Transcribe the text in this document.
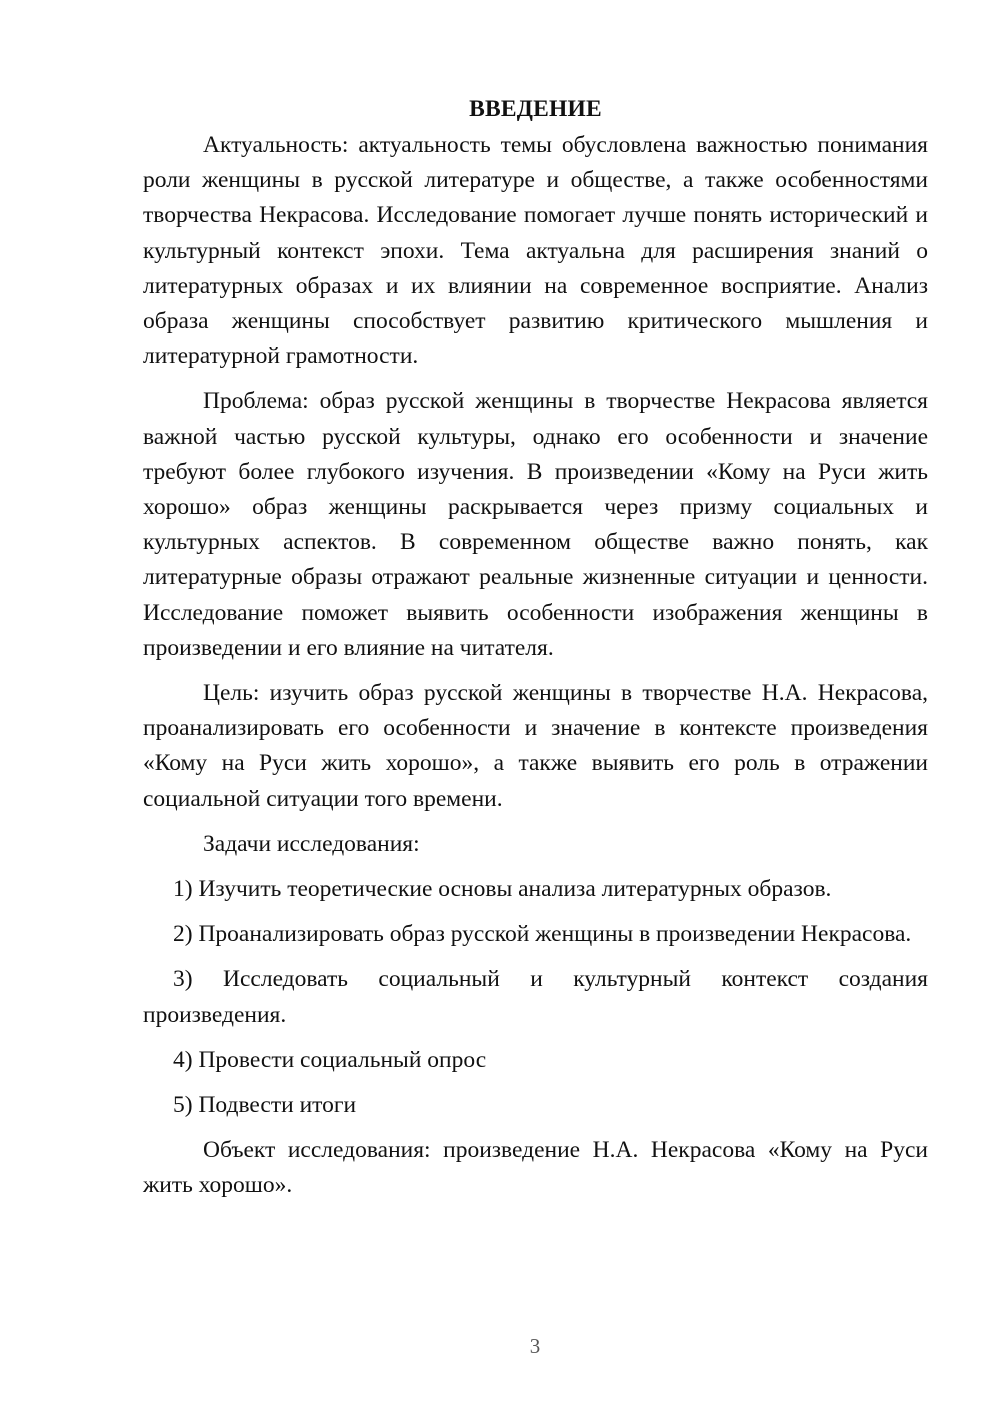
ВВЕДЕНИЕ

Актуальность: актуальность темы обусловлена важностью понимания роли женщины в русской литературе и обществе, а также особенностями творчества Некрасова. Исследование помогает лучше понять исторический и культурный контекст эпохи. Тема актуальна для расширения знаний о литературных образах и их влиянии на современное восприятие. Анализ образа женщины способствует развитию критического мышления и литературной грамотности.

Проблема: образ русской женщины в творчестве Некрасова является важной частью русской культуры, однако его особенности и значение требуют более глубокого изучения. В произведении «Кому на Руси жить хорошо» образ женщины раскрывается через призму социальных и культурных аспектов. В современном обществе важно понять, как литературные образы отражают реальные жизненные ситуации и ценности. Исследование поможет выявить особенности изображения женщины в произведении и его влияние на читателя.

Цель: изучить образ русской женщины в творчестве Н.А. Некрасова, проанализировать его особенности и значение в контексте произведения «Кому на Руси жить хорошо», а также выявить его роль в отражении социальной ситуации того времени.

Задачи исследования:

1) Изучить теоретические основы анализа литературных образов.

2) Проанализировать образ русской женщины в произведении Некрасова.

3) Исследовать социальный и культурный контекст создания произведения.

4) Провести социальный опрос

5) Подвести итоги

Объект исследования: произведение Н.А. Некрасова «Кому на Руси жить хорошо».

3
